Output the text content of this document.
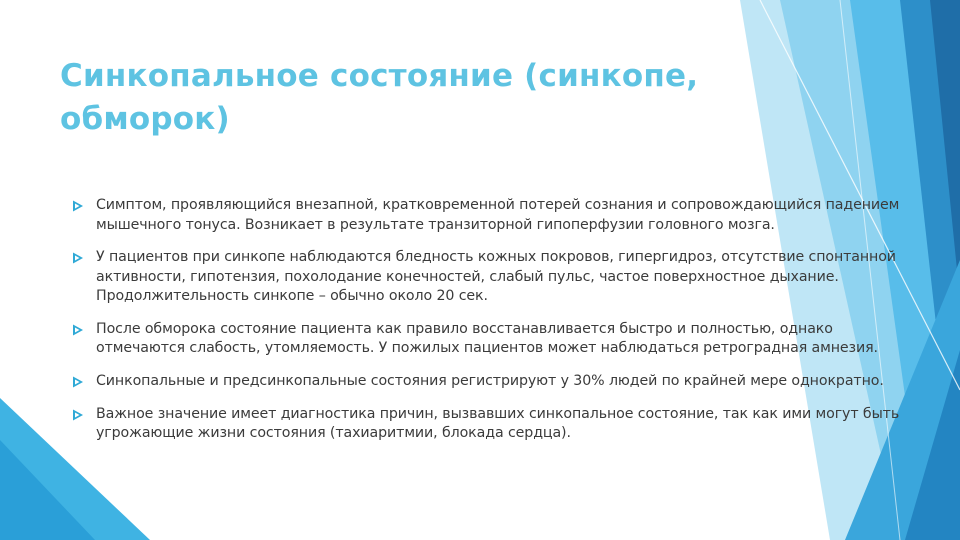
Синкопальное состояние (синкопе, обморок)
Симптом, проявляющийся внезапной, кратковременной потерей сознания и сопровождающийся падением мышечного тонуса. Возникает в результате транзиторной гипоперфузии головного мозга.
У пациентов при синкопе наблюдаются бледность кожных покровов, гипергидроз, отсутствие спонтанной активности, гипотензия, похолодание конечностей, слабый пульс, частое поверхностное дыхание. Продолжительность синкопе – обычно около 20 сек.
После обморока состояние пациента как правило восстанавливается быстро и полностью, однако отмечаются слабость, утомляемость. У пожилых пациентов может наблюдаться ретроградная амнезия.
Синкопальные и предсинкопальные состояния регистрируют у 30% людей по крайней мере однократно.
Важное значение имеет диагностика причин, вызвавших синкопальное состояние, так как ими могут быть угрожающие жизни состояния (тахиаритмии, блокада сердца).
